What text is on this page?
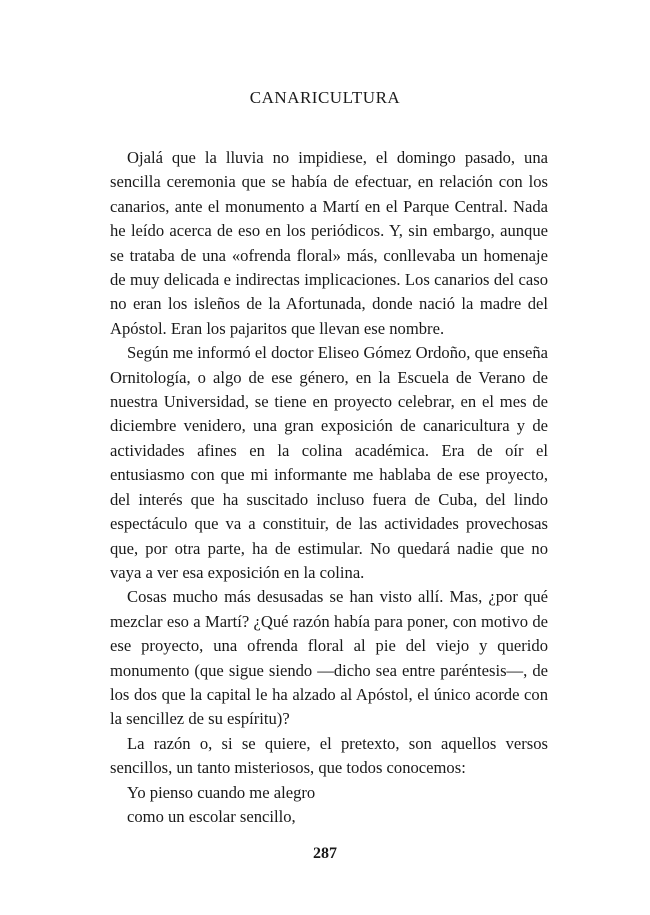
CANARICULTURA

Ojalá que la lluvia no impidiese, el domingo pasado, una sencilla ceremonia que se había de efectuar, en relación con los canarios, ante el monumento a Martí en el Parque Central. Nada he leído acerca de eso en los periódicos. Y, sin embargo, aunque se trataba de una «ofrenda floral» más, conllevaba un homenaje de muy delicada e indirectas implicaciones. Los canarios del caso no eran los isleños de la Afortunada, donde nació la madre del Apóstol. Eran los pajaritos que llevan ese nombre.

Según me informó el doctor Eliseo Gómez Ordoño, que enseña Ornitología, o algo de ese género, en la Escuela de Verano de nuestra Universidad, se tiene en proyecto celebrar, en el mes de diciembre venidero, una gran exposición de canaricultura y de actividades afines en la colina académica. Era de oír el entusiasmo con que mi informante me hablaba de ese proyecto, del interés que ha suscitado incluso fuera de Cuba, del lindo espectáculo que va a constituir, de las actividades provechosas que, por otra parte, ha de estimular. No quedará nadie que no vaya a ver esa exposición en la colina.

Cosas mucho más desusadas se han visto allí. Mas, ¿por qué mezclar eso a Martí? ¿Qué razón había para poner, con motivo de ese proyecto, una ofrenda floral al pie del viejo y querido monumento (que sigue siendo —dicho sea entre paréntesis—, de los dos que la capital le ha alzado al Apóstol, el único acorde con la sencillez de su espíritu)?

La razón o, si se quiere, el pretexto, son aquellos versos sencillos, un tanto misteriosos, que todos conocemos:

Yo pienso cuando me alegro

como un escolar sencillo,

287
